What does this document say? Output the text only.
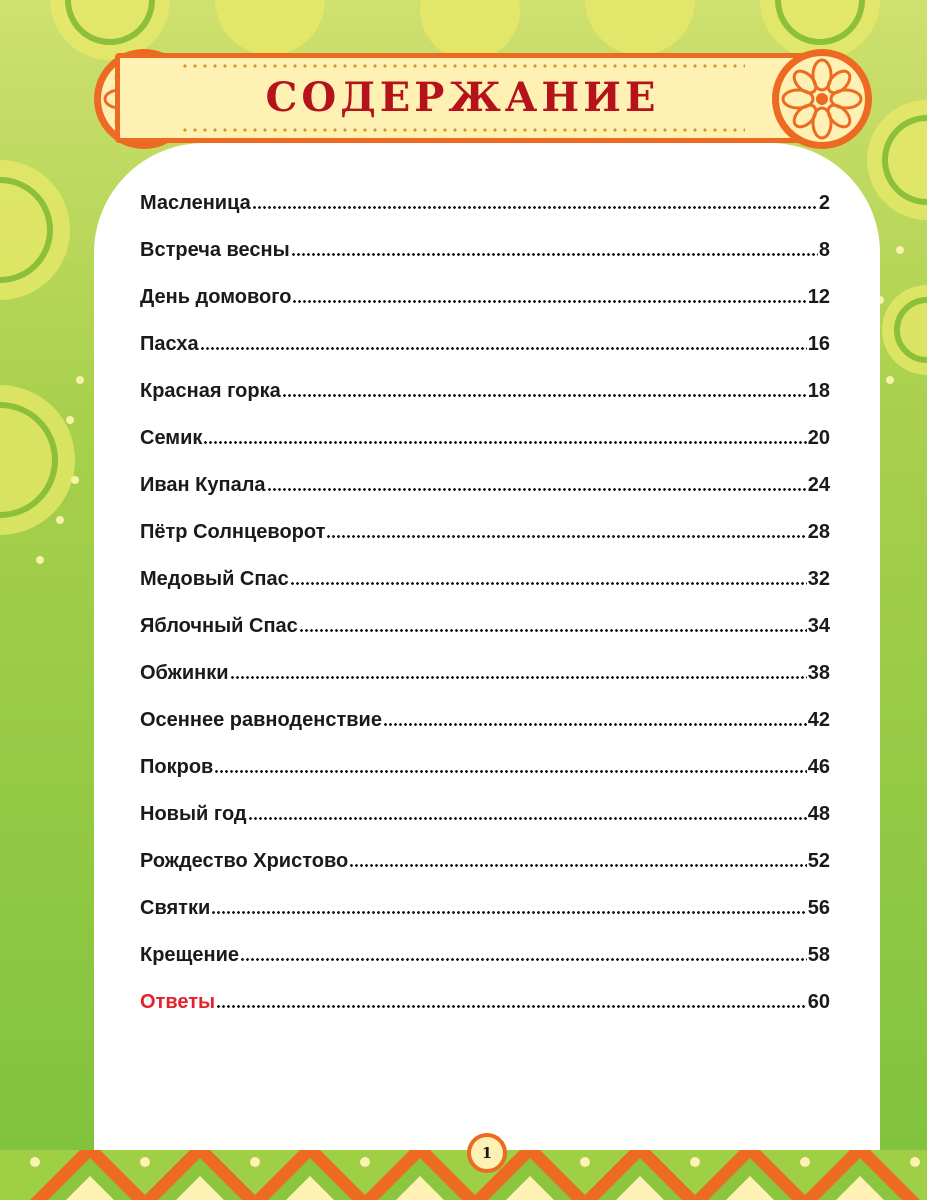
СОДЕРЖАНИЕ
Масленица	2
Встреча весны	8
День домового	12
Пасха	16
Красная горка	18
Семик	20
Иван Купала	24
Пётр Солнцеворот	28
Медовый Спас	32
Яблочный Спас	34
Обжинки	38
Осеннее равноденствие	42
Покров	46
Новый год	48
Рождество Христово	52
Святки	56
Крещение	58
Ответы	60
1
